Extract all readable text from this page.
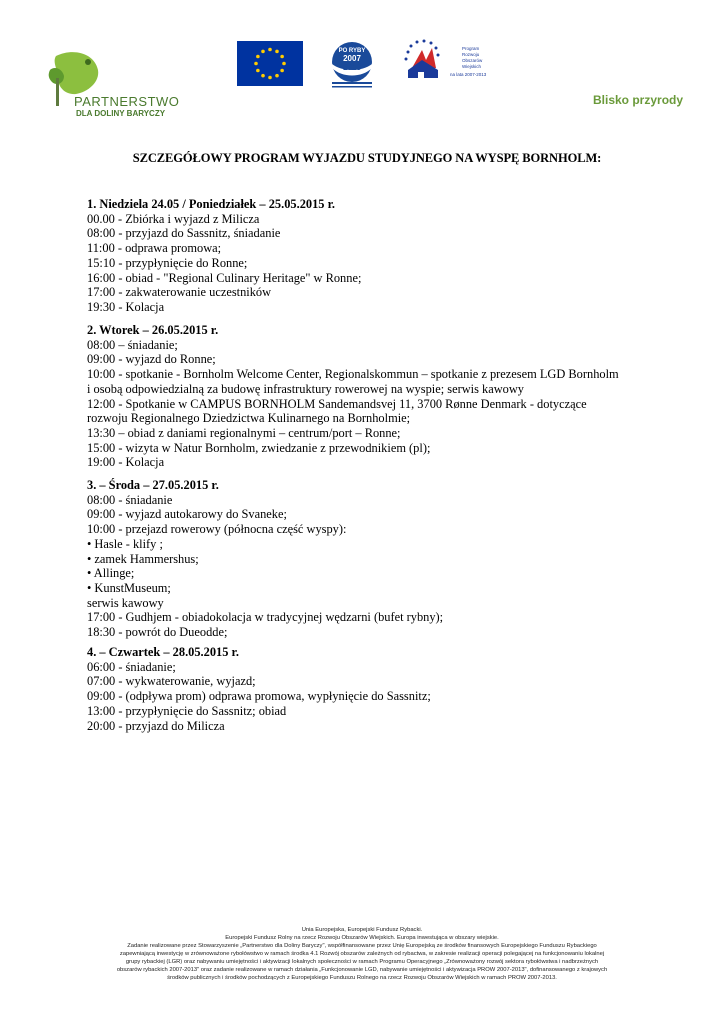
PARTNERSTWO
DLA DOLINY BARYCZY
PO RYBY
2007
2013
Program
Rozwoju
Obszarów
Wiejskich
na lata 2007-2013
Blisko przyrody
SZCZEGÓŁOWY PROGRAM WYJAZDU STUDYJNEGO NA WYSPĘ BORNHOLM:
1. Niedziela 24.05 / Poniedziałek – 25.05.2015 r.
00.00 - Zbiórka i wyjazd z Milicza
08:00 - przyjazd do Sassnitz, śniadanie
11:00 - odprawa promowa;
15:10 - przypłynięcie do Ronne;
16:00 - obiad - "Regional Culinary Heritage" w Ronne;
17:00 - zakwaterowanie uczestników
19:30 - Kolacja
2. Wtorek – 26.05.2015 r.
08:00 – śniadanie;
09:00 - wyjazd do Ronne;
10:00 - spotkanie - Bornholm Welcome Center, Regionalskommun – spotkanie z prezesem LGD Bornholm
i osobą odpowiedzialną za budowę infrastruktury rowerowej na wyspie; serwis kawowy
12:00 - Spotkanie w CAMPUS BORNHOLM Sandemandsvej 11, 3700 Rønne Denmark - dotyczące
rozwoju Regionalnego Dziedzictwa Kulinarnego na Bornholmie;
13:30 – obiad z daniami regionalnymi – centrum/port – Ronne;
15:00 - wizyta w Natur Bornholm, zwiedzanie z przewodnikiem (pl);
19:00 - Kolacja
3. – Środa – 27.05.2015 r.
08:00 - śniadanie
09:00 - wyjazd autokarowy do Svaneke;
10:00 - przejazd rowerowy (północna część wyspy):
• Hasle - klify ;
• zamek Hammershus;
• Allinge;
• KunstMuseum;
serwis kawowy
17:00 - Gudhjem - obiadokolacja w tradycyjnej wędzarni (bufet rybny);
18:30 - powrót do Dueodde;
4. – Czwartek – 28.05.2015 r.
06:00 - śniadanie;
07:00 - wykwaterowanie, wyjazd;
09:00 - (odpływa prom) odprawa promowa, wypłynięcie do Sassnitz;
13:00 - przypłynięcie do Sassnitz; obiad
20:00 - przyjazd do Milicza
Unia Europejska, Europejski Fundusz Rybacki.
Europejski Fundusz Rolny na rzecz Rozwoju Obszarów Wiejskich. Europa inwestująca w obszary wiejskie.
Zadanie realizowane przez Stowarzyszenie „Partnerstwo dla Doliny Baryczy", współfinansowane przez Unię Europejską ze środków finansowych Europejskiego Funduszu Rybackiego
zapewniającą inwestycję w zrównoważone rybołówstwo w ramach środka 4.1 Rozwój obszarów zależnych od rybactwa, w zakresie realizacji operacji polegającej na funkcjonowaniu lokalnej
grupy rybackiej (LGR) oraz nabywaniu umiejętności i aktywizacji lokalnych społeczności w ramach Programu Operacyjnego „Zrównoważony rozwój sektora rybołówstwa i nadbrzeżnych
obszarów rybackich 2007-2013" oraz zadanie realizowane w ramach działania „Funkcjonowanie LGD, nabywanie umiejętności i aktywizacja PROW 2007-2013", dofinansowanego z krajowych
środków publicznych i środków pochodzących z Europejskiego Funduszu Rolnego na rzecz Rozwoju Obszarów Wiejskich w ramach PROW 2007-2013.
